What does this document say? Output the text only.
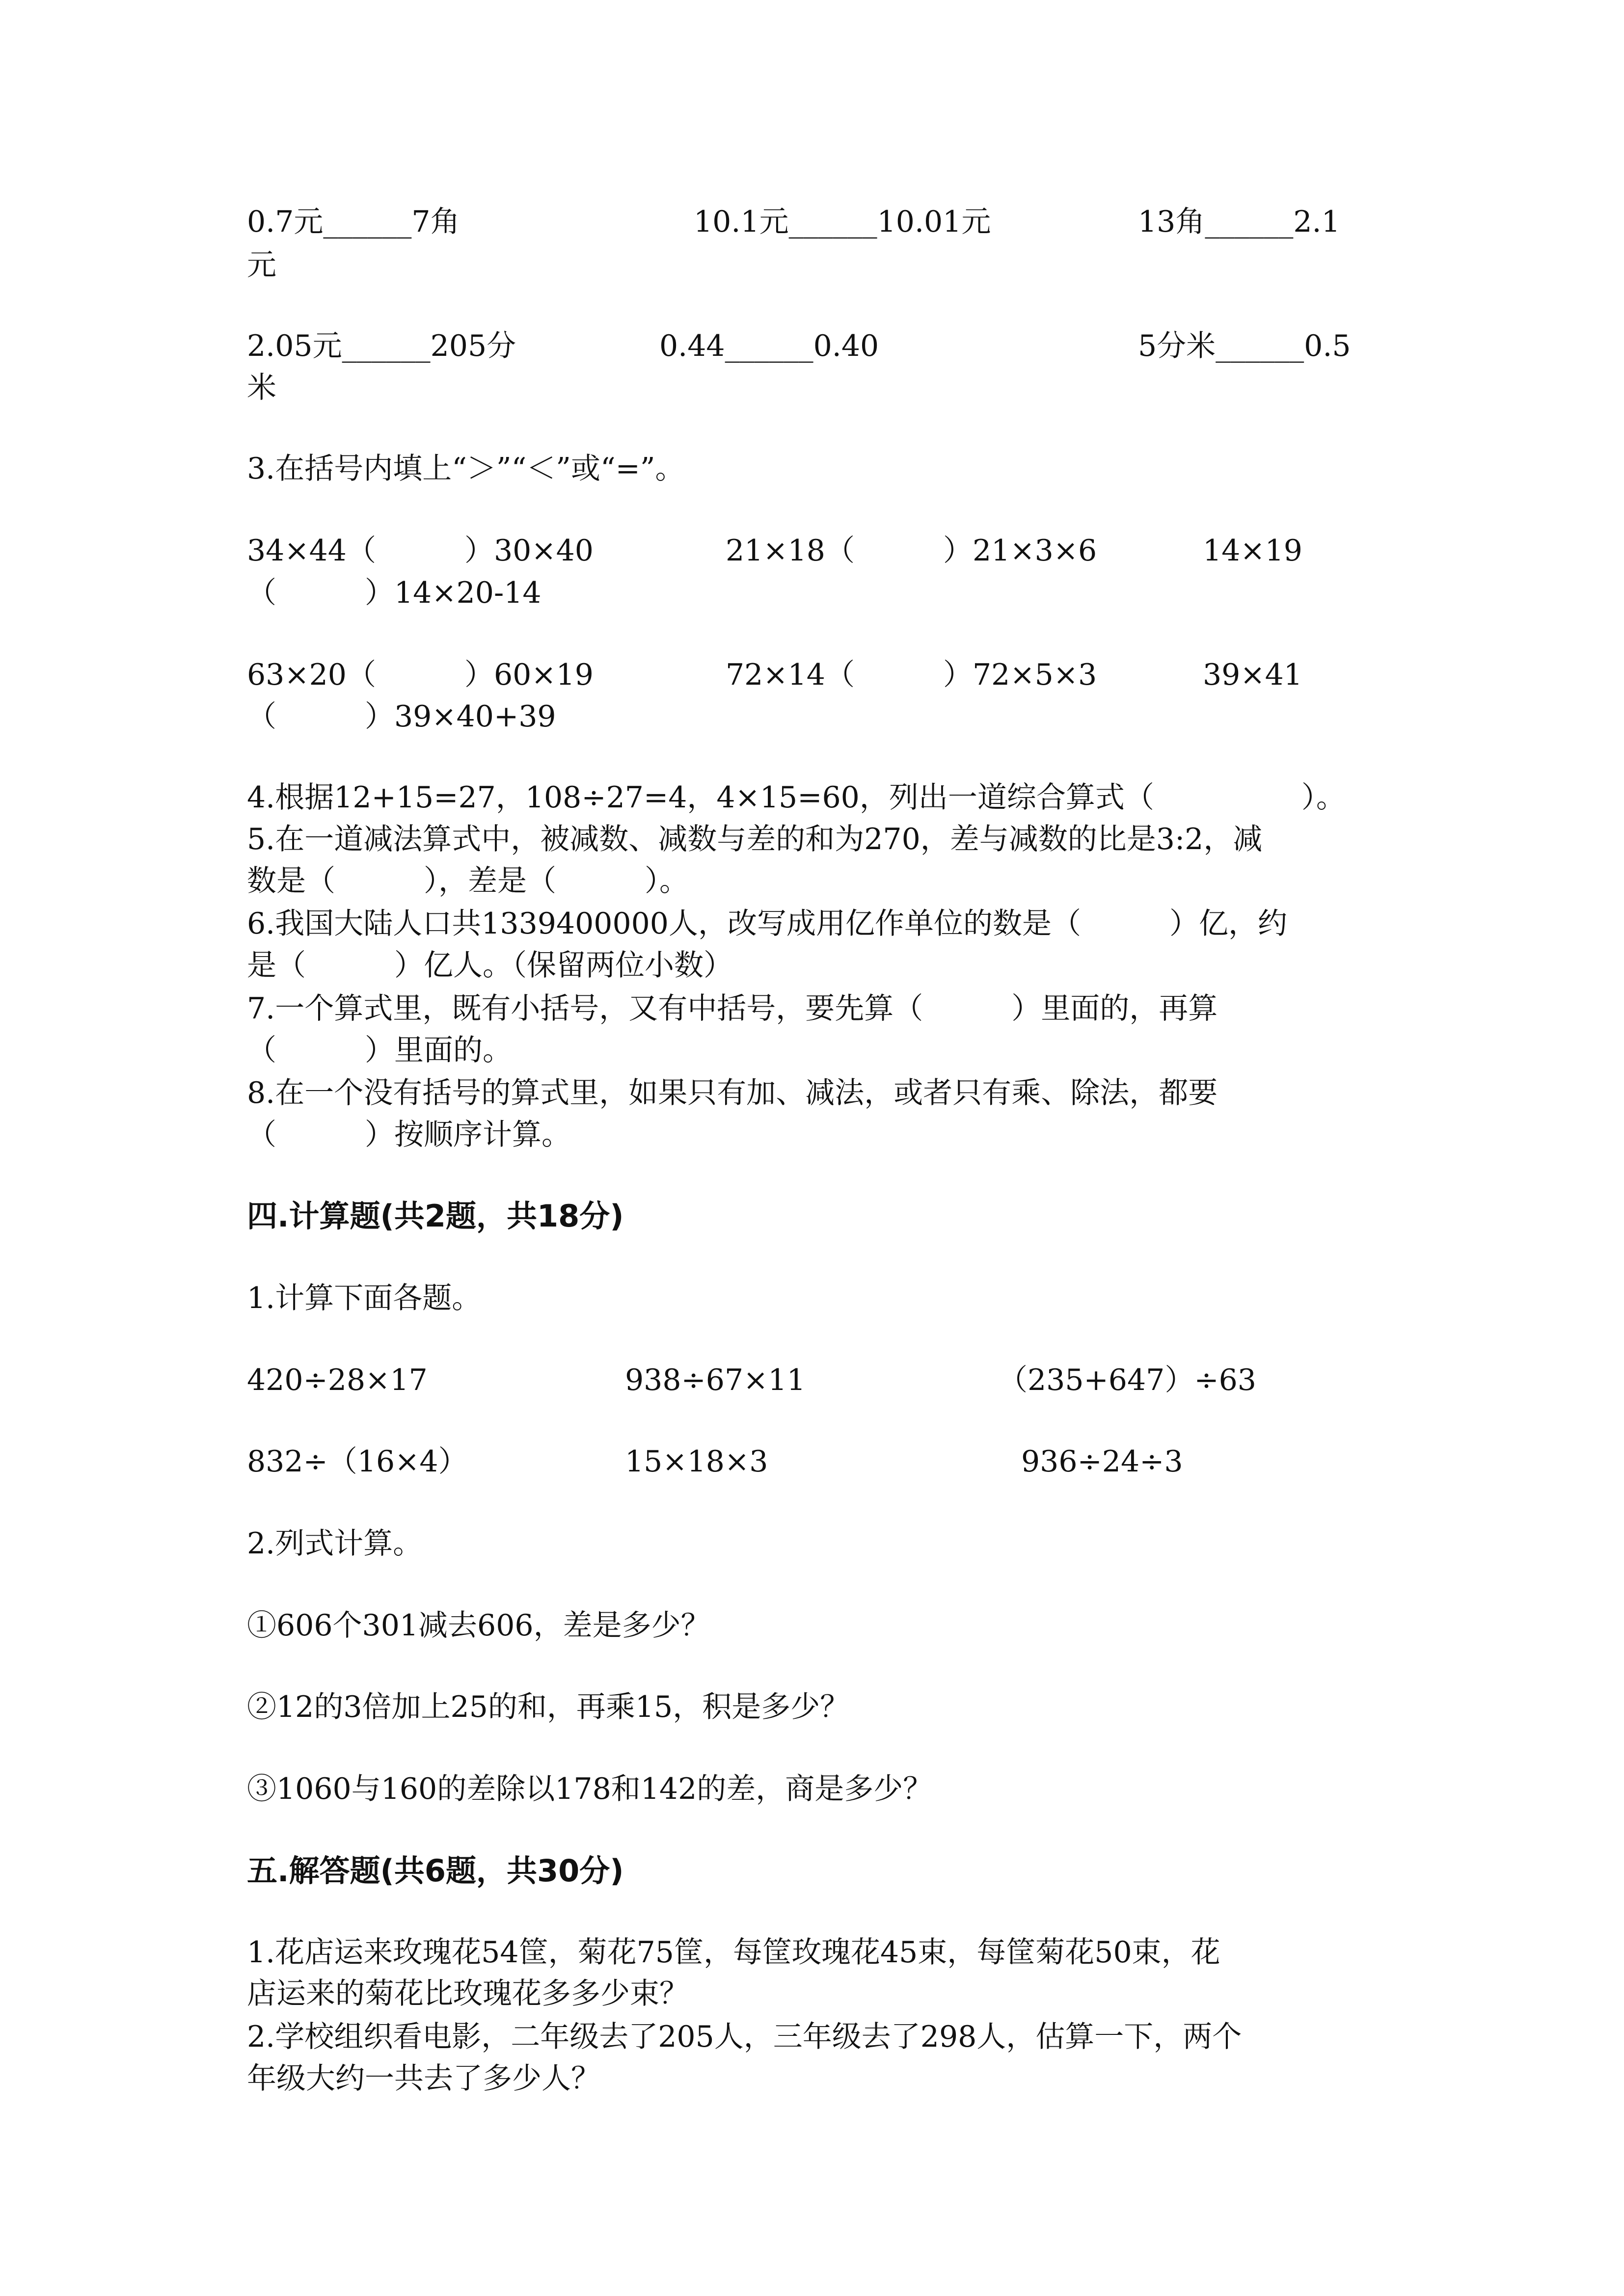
0.7元______7角	10.1元______10.01元	13角______2.1
元
2.05元______205分	0.44______0.40	5分米______0.5
米
3.在括号内填上“＞”“＜”或“=”。
34×44（　　　）30×40	21×18（　　　）21×3×6	14×19
（　　　）14×20-14
63×20（　　　）60×19	72×14（　　　）72×5×3	39×41
（　　　）39×40+39
4.根据12+15=27，108÷27=4，4×15=60，列出一道综合算式（　　　　　）。
5.在一道减法算式中，被减数、减数与差的和为270，差与减数的比是3:2，减
数是（　　　），差是（　　　）。
6.我国大陆人口共1339400000人，改写成用亿作单位的数是（　　　）亿，约
是（　　　）亿人。（保留两位小数）
7.一个算式里，既有小括号，又有中括号，要先算（　　　）里面的，再算
（　　　）里面的。
8.在一个没有括号的算式里，如果只有加、减法，或者只有乘、除法，都要
（　　　）按顺序计算。
四.计算题(共2题，共18分)
1.计算下面各题。
420÷28×17	938÷67×11	（235+647）÷63
832÷（16×4）	15×18×3	936÷24÷3
2.列式计算。
①606个301减去606，差是多少？
②12的3倍加上25的和，再乘15，积是多少？
③1060与160的差除以178和142的差，商是多少？
五.解答题(共6题，共30分)
1.花店运来玫瑰花54筐，菊花75筐，每筐玫瑰花45束，每筐菊花50束，花
店运来的菊花比玫瑰花多多少束？
2.学校组织看电影，二年级去了205人，三年级去了298人，估算一下，两个
年级大约一共去了多少人？
